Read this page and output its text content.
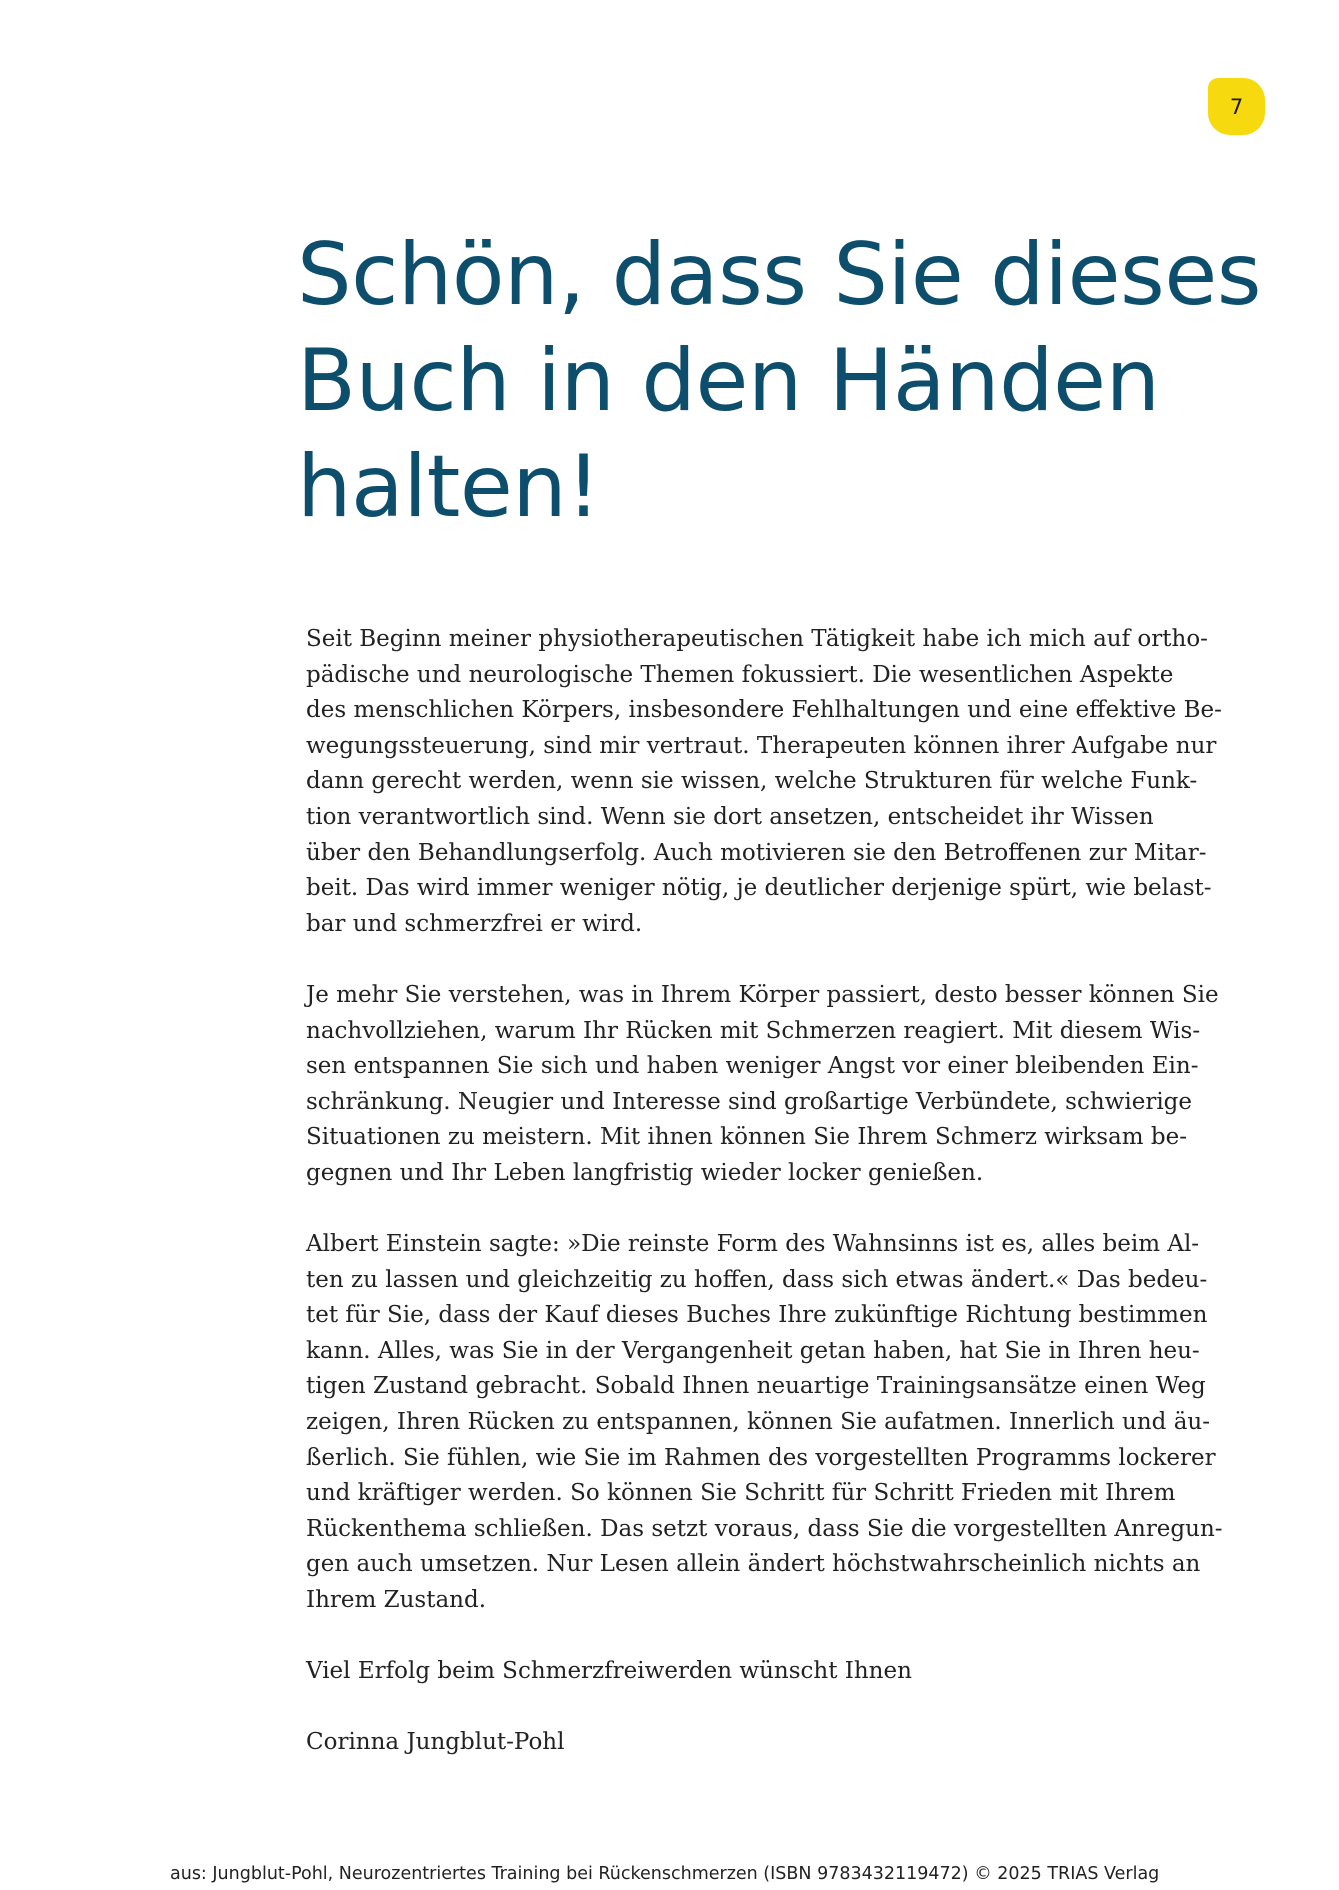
7
Schön, dass Sie dieses
Buch in den Händen
halten!
Seit Beginn meiner physiotherapeutischen Tätigkeit habe ich mich auf ortho-
pädische und neurologische Themen fokussiert. Die wesentlichen Aspekte
des menschlichen Körpers, insbesondere Fehlhaltungen und eine effektive Be-
wegungssteuerung, sind mir vertraut. Therapeuten können ihrer Aufgabe nur
dann gerecht werden, wenn sie wissen, welche Strukturen für welche Funk-
tion verantwortlich sind. Wenn sie dort ansetzen, entscheidet ihr Wissen
über den Behandlungserfolg. Auch motivieren sie den Betroffenen zur Mitar-
beit. Das wird immer weniger nötig, je deutlicher derjenige spürt, wie belast-
bar und schmerzfrei er wird.
Je mehr Sie verstehen, was in Ihrem Körper passiert, desto besser können Sie
nachvollziehen, warum Ihr Rücken mit Schmerzen reagiert. Mit diesem Wis-
sen entspannen Sie sich und haben weniger Angst vor einer bleibenden Ein-
schränkung. Neugier und Interesse sind großartige Verbündete, schwierige
Situationen zu meistern. Mit ihnen können Sie Ihrem Schmerz wirksam be-
gegnen und Ihr Leben langfristig wieder locker genießen.
Albert Einstein sagte: »Die reinste Form des Wahnsinns ist es, alles beim Al-
ten zu lassen und gleichzeitig zu hoffen, dass sich etwas ändert.« Das bedeu-
tet für Sie, dass der Kauf dieses Buches Ihre zukünftige Richtung bestimmen
kann. Alles, was Sie in der Vergangenheit getan haben, hat Sie in Ihren heu-
tigen Zustand gebracht. Sobald Ihnen neuartige Trainingsansätze einen Weg
zeigen, Ihren Rücken zu entspannen, können Sie aufatmen. Innerlich und äu-
ßerlich. Sie fühlen, wie Sie im Rahmen des vorgestellten Programms lockerer
und kräftiger werden. So können Sie Schritt für Schritt Frieden mit Ihrem
Rückenthema schließen. Das setzt voraus, dass Sie die vorgestellten Anregun-
gen auch umsetzen. Nur Lesen allein ändert höchstwahrscheinlich nichts an
Ihrem Zustand.

Viel Erfolg beim Schmerzfreiwerden wünscht Ihnen

Corinna Jungblut-Pohl

aus: Jungblut-Pohl, Neurozentriertes Training bei Rückenschmerzen (ISBN 9783432119472) © 2025 TRIAS Verlag
